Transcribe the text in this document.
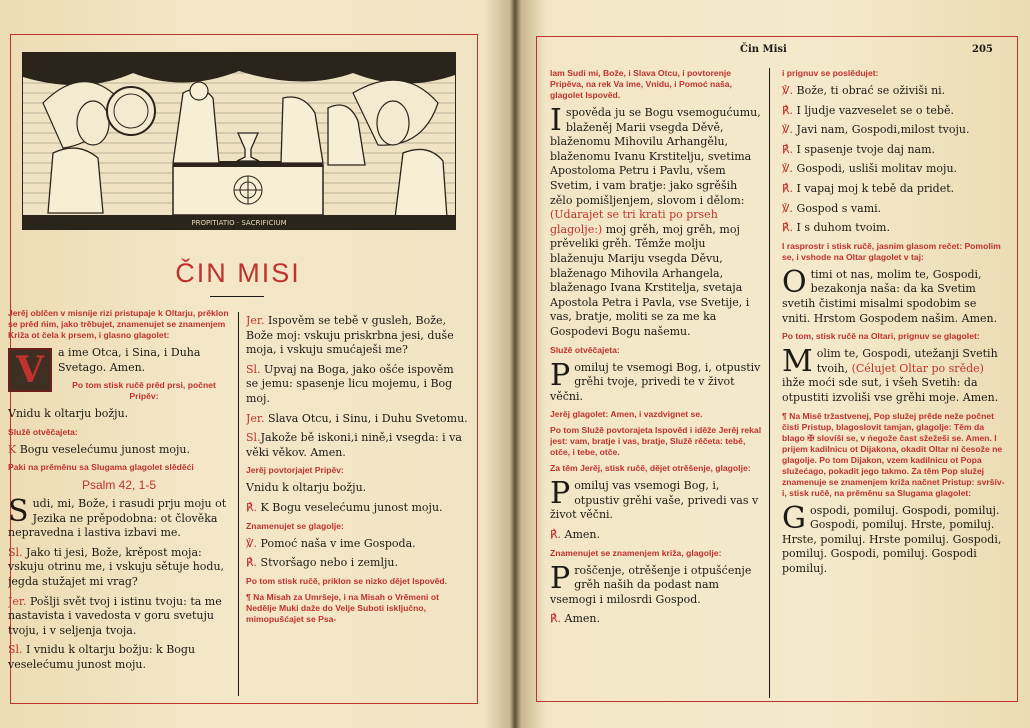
PROPITIATIO · SACRIFICIUM
ČIN MISI

Jerěj oblčen v misnije rizi pristupaje k Oltarju, prěklon se prěd ńim, jako trěbujet, znamenujet se znamenjem Križa ot čela k prsem, i glasno glagolet:

V	a ime Otca, i Sina, i Duha Svetago. Amen.

Po tom stisk ručě prěd prsi, počnet Pripěv:

Vnidu k oltarju božju.

Služě otvěčajeta:

K Bogu veselećumu junost moju.

Paki na prěměnu sa Slugama glagolet slěděći

Psalm 42, 1-5

Sudi, mi, Bože, i rasudi prju moju ot Jezika ne prěpodobna: ot člověka nepravedna i lastiva izbavi me.

Sl. Jako ti jesi, Bože, krěpost moja: vskuju otrinu me, i vskuju sětuje hodu, jegda stužajet mi vrag?

Jer. Pošlji svět tvoj i istinu tvoju: ta me nastavista i vavedosta v goru svetuju tvoju, i v seljenja tvoja.

Sl. I vnidu k oltarju božju: k Bogu veselećumu junost moju.

Jer. Ispověm se tebě v gusleh, Bože, Bože moj: vskuju priskrbna jesi, duše moja, i vskuju smućaješi me?

Sl. Upvaj na Boga, jako ošće ispověm se jemu: spasenje licu mojemu, i Bog moj.

Jer. Slava Otcu, i Sinu, i Duhu Svetomu.

Sl.Jakože bě iskoni,i nině,i vsegda: i va věki věkov. Amen.

Jerěj povtorjajet Pripěv:

Vnidu k oltarju božju.

℟. K Bogu veselećumu junost moju.

Znamenujet se glagolje:

℣. Pomoć naša v ime Gospoda.

℟. Stvoršago nebo i zemlju.

Po tom stisk ručě, priklon se nizko dějet Ispověd.

¶ Na Misah za Umršeje, i na Misah o Vrěmeni ot Nedělje Muki daže do Velje Suboti isključno, mimopušćajet se Psa-

Čin Misi	205

lam Sudi mi, Bože, i Slava Otcu, i povtorenje Pripěva, na rek Va ime, Vnidu, i Pomoć naša, glagolet Ispověd.

Ispověda ju se Bogu vsemogućumu, blaženěj Marii vsegda Děvě, blaženomu Mihovilu Arhangělu, blaženomu Ivanu Krstitelju, svetima Apostoloma Petru i Pavlu, všem Svetim, i vam bratje: jako sgrěših zělo pomišljenjem, slovom i dělom: (Udarajet se tri krati po prseh glagolje:) moj grěh, moj grěh, moj prěveliki grěh. Těmže molju blaženuju Mariju vsegda Děvu, blaženago Mihovila Arhangela, blaženago Ivana Krstitelja, svetaja Apostola Petra i Pavla, vse Svetije, i vas, bratje, moliti se za me ka Gospodevi Bogu našemu.

Služě otvěčajeta:

Pomiluj te vsemogi Bog, i, otpustiv grěhi tvoje, privedi te v život věčni.

Jerěj glagolet: Amen, i vazdvignet se.

Po tom Služě povtorajeta Ispověd i iděže Jerěj rekal jest: vam, bratje i vas, bratje, Služě rěčeta: tebě, otče, i tebe, otče.

Za těm Jerěj, stisk ručě, dějet otrěšenje, glagolje:

Pomiluj vas vsemogi Bog, i, otpustiv grěhi vaše, privedi vas v život věčni.

℟. Amen.

Znamenujet se znamenjem križa, glagolje:

Proščenje, otrěšenje i otpušćenje grěh naših da podast nam vsemogi i milosrdi Gospod.

℟. Amen.

i prignuv se poslědujet:

℣. Bože, ti obrać se oživiši ni.

℟. I ljudje vazveselet se o tebě.

℣. Javi nam, Gospodi,milost tvoju.

℟. I spasenje tvoje daj nam.

℣. Gospodi, usliši molitav moju.

℟. I vapaj moj k tebě da pridet.

℣. Gospod s vami.

℟. I s duhom tvoim.

I rasprostr i stisk ručě, jasnim glasom rečet: Pomolim se, i vshode na Oltar glagolet v taj:

Otimi ot nas, molim te, Gospodi, bezakonja naša: da ka Svetim svetih čistimi misalmi spodobim se vniti. Hrstom Gospodem našim. Amen.

Po tom, stisk ručě na Oltari, prignuv se glagolet:

Molim te, Gospodi, utežanji Svetih tvoih, (Célujet Oltar po srěde) ihže moći sde sut, i všeh Svetih: da otpustiti izvoliši vse grěhi moje. Amen.

¶ Na Misě tržastvenej, Pop služej prěde neže počnet čisti Pristup, blagoslovit tamjan, glagolje: Těm da blago ✠ slovíši se, v ńegože čast sžežeši se. Amen. I prijem kadilnicu ot Dijakona, okadit Oltar ni česože ne glagolje. Po tom Dijakon, vzem kadilnicu ot Popa služećago, pokadit jego takmo. Za těm Pop služej znamenuje se znamenjem križa načnet Pristup: svršív-i, stisk ručě, na prěměnu sa Slugama glagolet:

Gospodi, pomiluj. Gospodi, pomiluj. Gospodi, pomiluj. Hrste, pomiluj. Hrste, pomiluj. Hrste pomiluj. Gospodi, pomiluj. Gospodi, pomiluj. Gospodi pomiluj.
